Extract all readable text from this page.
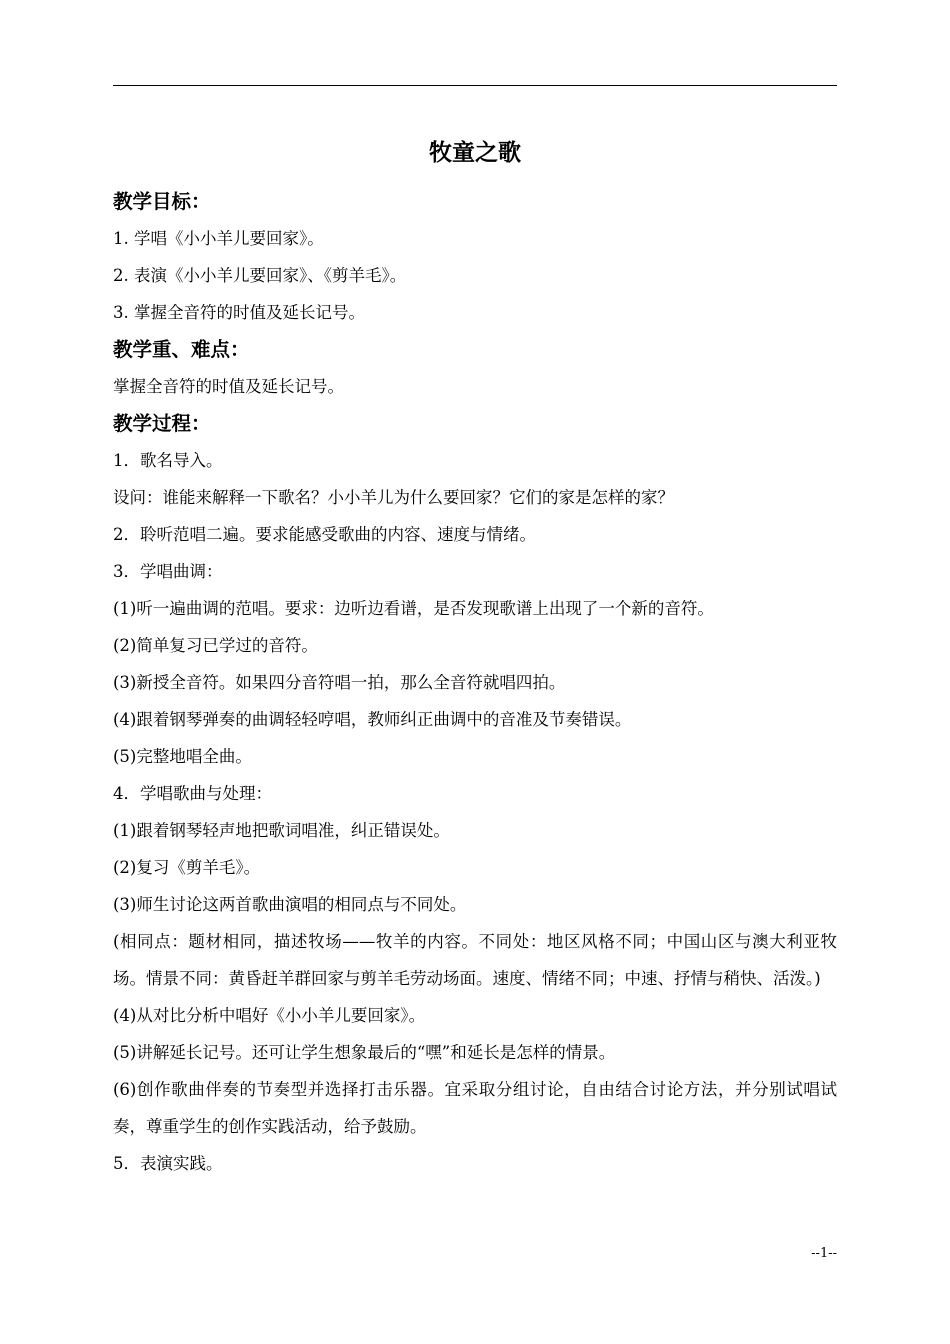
牧童之歌

教学目标：

1. 学唱《小小羊儿要回家》。

2. 表演《小小羊儿要回家》、《剪羊毛》。

3. 掌握全音符的时值及延长记号。

教学重、难点：

掌握全音符的时值及延长记号。

教学过程：

1．歌名导入。

设问：谁能来解释一下歌名？小小羊儿为什么要回家？它们的家是怎样的家？

2．聆听范唱二遍。要求能感受歌曲的内容、速度与情绪。

3．学唱曲调：

(1)听一遍曲调的范唱。要求：边听边看谱，是否发现歌谱上出现了一个新的音符。

(2)简单复习已学过的音符。

(3)新授全音符。如果四分音符唱一拍，那么全音符就唱四拍。

(4)跟着钢琴弹奏的曲调轻轻哼唱，教师纠正曲调中的音准及节奏错误。

(5)完整地唱全曲。

4．学唱歌曲与处理：

(1)跟着钢琴轻声地把歌词唱准，纠正错误处。

(2)复习《剪羊毛》。

(3)师生讨论这两首歌曲演唱的相同点与不同处。

(相同点：题材相同，描述牧场——牧羊的内容。不同处：地区风格不同；中国山区与澳大利亚牧场。情景不同：黄昏赶羊群回家与剪羊毛劳动场面。速度、情绪不同；中速、抒情与稍快、活泼。)

(4)从对比分析中唱好《小小羊儿要回家》。

(5)讲解延长记号。还可让学生想象最后的“嘿”和延长是怎样的情景。

(6)创作歌曲伴奏的节奏型并选择打击乐器。宜采取分组讨论，自由结合讨论方法，并分别试唱试奏，尊重学生的创作实践活动，给予鼓励。

5．表演实践。

--1--
